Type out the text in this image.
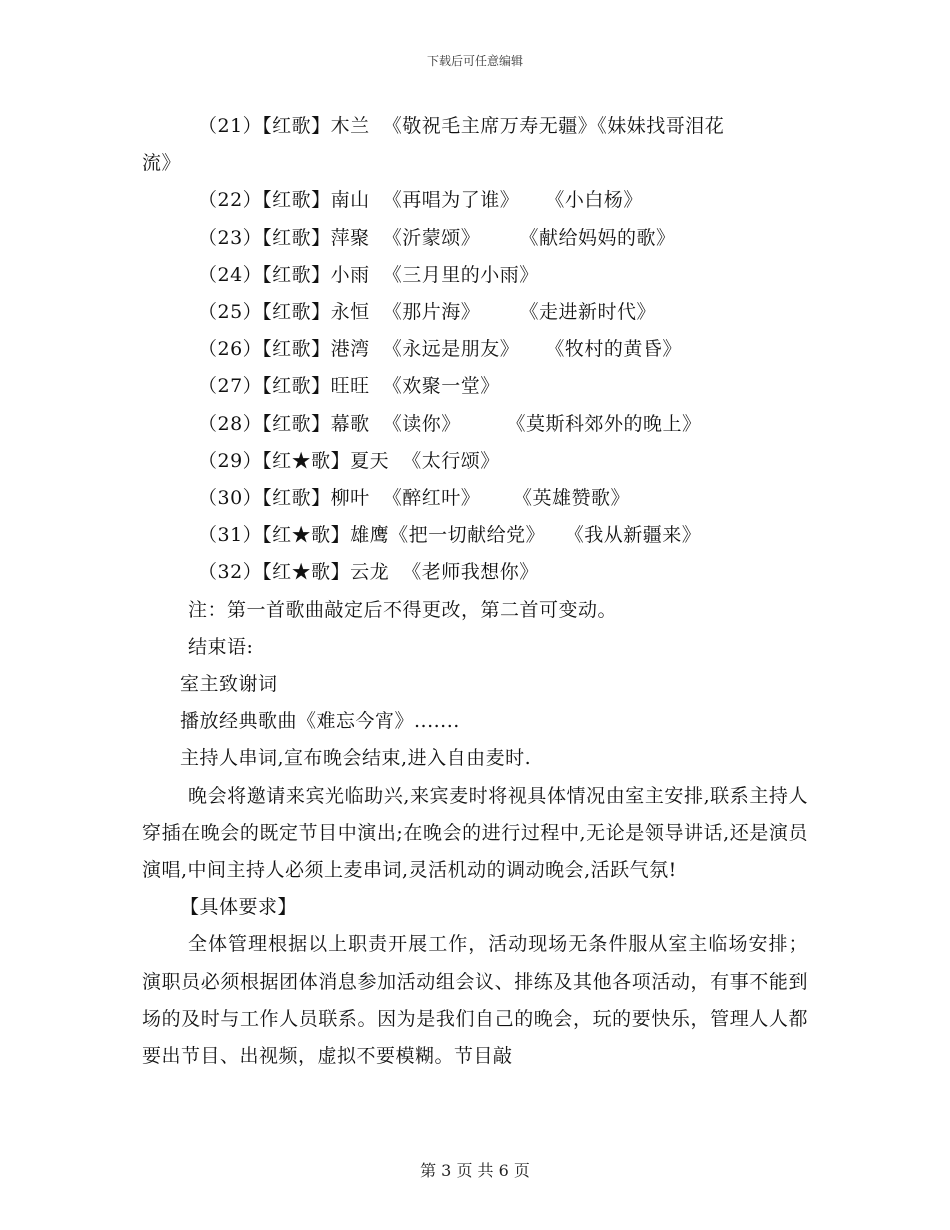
下载后可任意编辑
（21）【红歌】木兰  《敬祝毛主席万寿无疆》《妹妹找哥泪花
流》
（22）【红歌】南山  《再唱为了谁》    《小白杨》
（23）【红歌】萍聚  《沂蒙颂》      《献给妈妈的歌》
（24）【红歌】小雨  《三月里的小雨》
（25）【红歌】永恒  《那片海》      《走进新时代》
（26）【红歌】港湾  《永远是朋友》    《牧村的黄昏》
（27）【红歌】旺旺  《欢聚一堂》
（28）【红歌】幕歌  《读你》       《莫斯科郊外的晚上》
（29）【红★歌】夏天  《太行颂》
（30）【红歌】柳叶  《醉红叶》     《英雄赞歌》
（31）【红★歌】雄鹰《把一切献给党》   《我从新疆来》
（32）【红★歌】云龙  《老师我想你》
注：第一首歌曲敲定后不得更改，第二首可变动。
结束语:
室主致谢词
播放经典歌曲《难忘今宵》.......
主持人串词,宣布晚会结束,进入自由麦时.
晚会将邀请来宾光临助兴,来宾麦时将视具体情况由室主安排,联系主持人穿插在晚会的既定节目中演出;在晚会的进行过程中,无论是领导讲话,还是演员演唱,中间主持人必须上麦串词,灵活机动的调动晚会,活跃气氛!
【具体要求】
全体管理根据以上职责开展工作，活动现场无条件服从室主临场安排；演职员必须根据团体消息参加活动组会议、排练及其他各项活动，有事不能到场的及时与工作人员联系。因为是我们自己的晚会，玩的要快乐，管理人人都要出节目、出视频，虚拟不要模糊。节目敲
第 3 页 共 6 页
